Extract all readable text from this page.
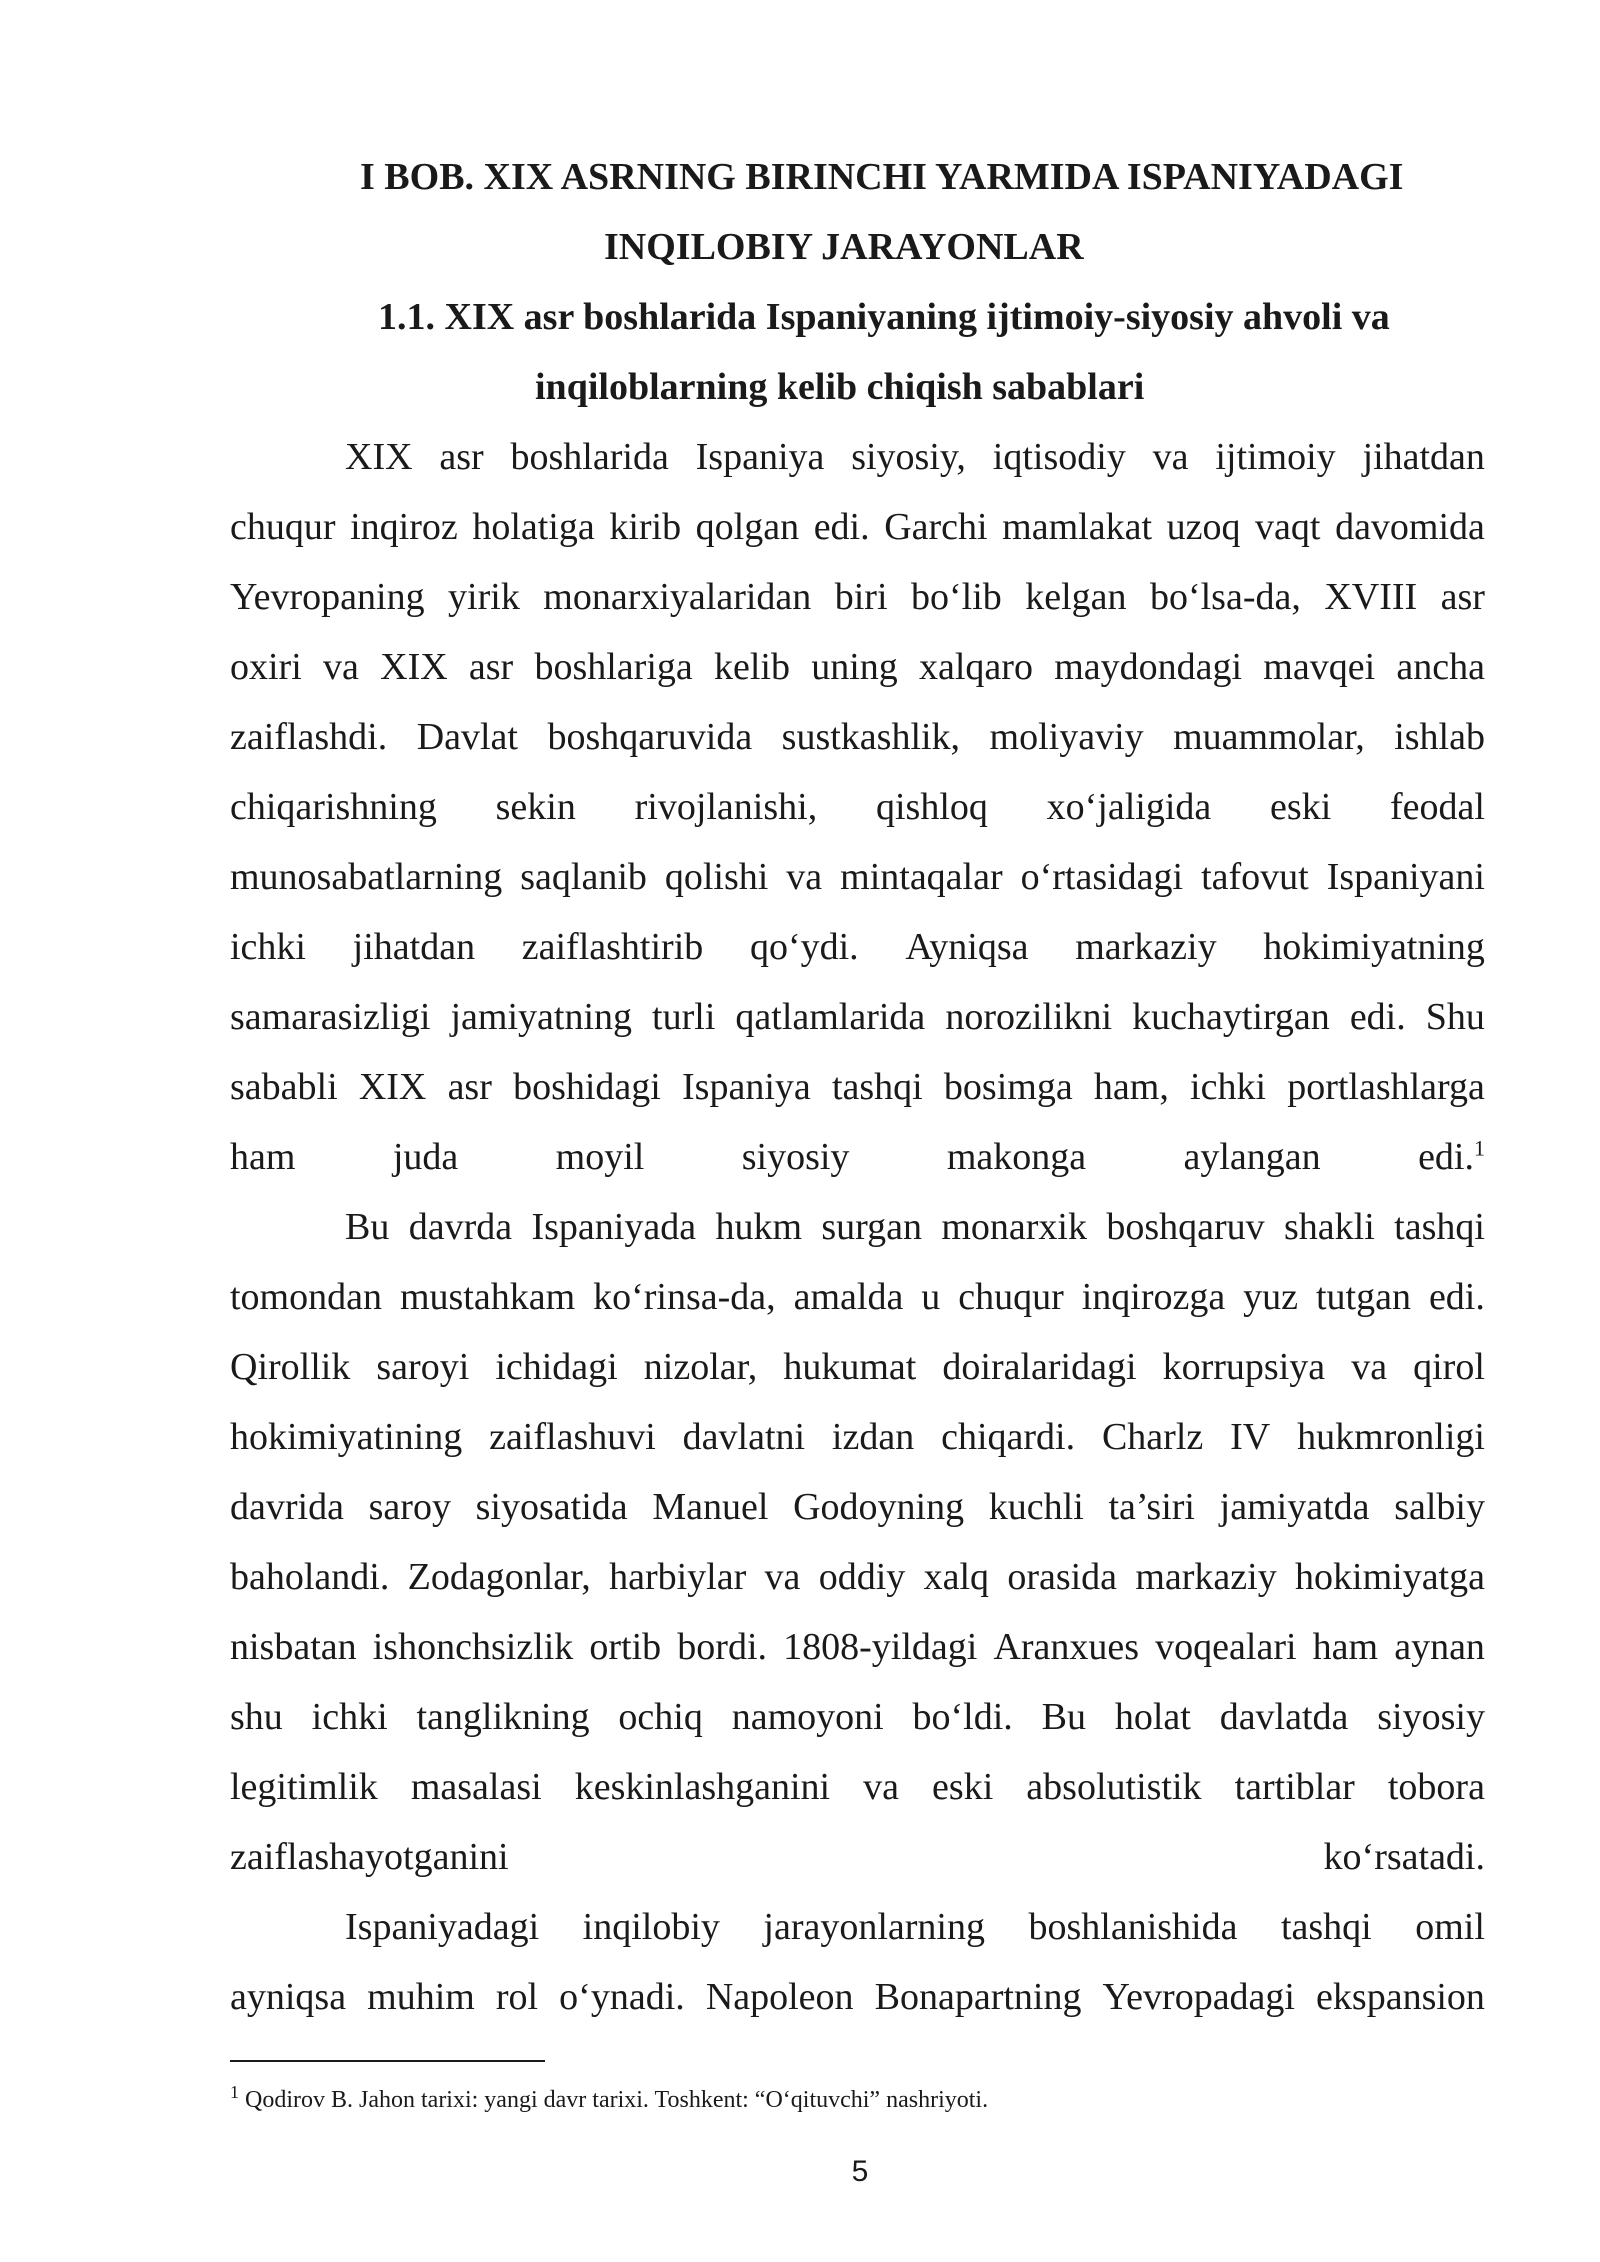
I BOB. XIX ASRNING BIRINCHI YARMIDA ISPANIYADAGI
INQILOBIY JARAYONLAR
1.1. XIX asr boshlarida Ispaniyaning ijtimoiy-siyosiy ahvoli va
inqiloblarning kelib chiqish sabablari
XIX asr boshlarida Ispaniya siyosiy, iqtisodiy va ijtimoiy jihatdan
chuqur inqiroz holatiga kirib qolgan edi. Garchi mamlakat uzoq vaqt davomida
Yevropaning yirik monarxiyalaridan biri bo‘lib kelgan bo‘lsa-da, XVIII asr
oxiri va XIX asr boshlariga kelib uning xalqaro maydondagi mavqei ancha
zaiflashdi. Davlat boshqaruvida sustkashlik, moliyaviy muammolar, ishlab
chiqarishning sekin rivojlanishi, qishloq xo‘jaligida eski feodal
munosabatlarning saqlanib qolishi va mintaqalar o‘rtasidagi tafovut Ispaniyani
ichki jihatdan zaiflashtirib qo‘ydi. Ayniqsa markaziy hokimiyatning
samarasizligi jamiyatning turli qatlamlarida norozilikni kuchaytirgan edi. Shu
sababli XIX asr boshidagi Ispaniya tashqi bosimga ham, ichki portlashlarga
ham juda moyil siyosiy makonga aylangan edi.$^1$
Bu davrda Ispaniyada hukm surgan monarxik boshqaruv shakli tashqi
tomondan mustahkam ko‘rinsa-da, amalda u chuqur inqirozga yuz tutgan edi.
Qirollik saroyi ichidagi nizolar, hukumat doiralaridagi korrupsiya va qirol
hokimiyatining zaiflashuvi davlatni izdan chiqardi. Charlz IV hukmronligi
davrida saroy siyosatida Manuel Godoyning kuchli ta’siri jamiyatda salbiy
baholandi. Zodagonlar, harbiylar va oddiy xalq orasida markaziy hokimiyatga
nisbatan ishonchsizlik ortib bordi. 1808-yildagi Aranxues voqealari ham aynan
shu ichki tanglikning ochiq namoyoni bo‘ldi. Bu holat davlatda siyosiy
legitimlik masalasi keskinlashganini va eski absolutistik tartiblar tobora
zaiflashayotganini ko‘rsatadi.
Ispaniyadagi inqilobiy jarayonlarning boshlanishida tashqi omil
ayniqsa muhim rol o‘ynadi. Napoleon Bonapartning Yevropadagi ekspansion
$^1$ Qodirov B. Jahon tarixi: yangi davr tarixi. Toshkent: “O‘qituvchi” nashriyoti.
5
